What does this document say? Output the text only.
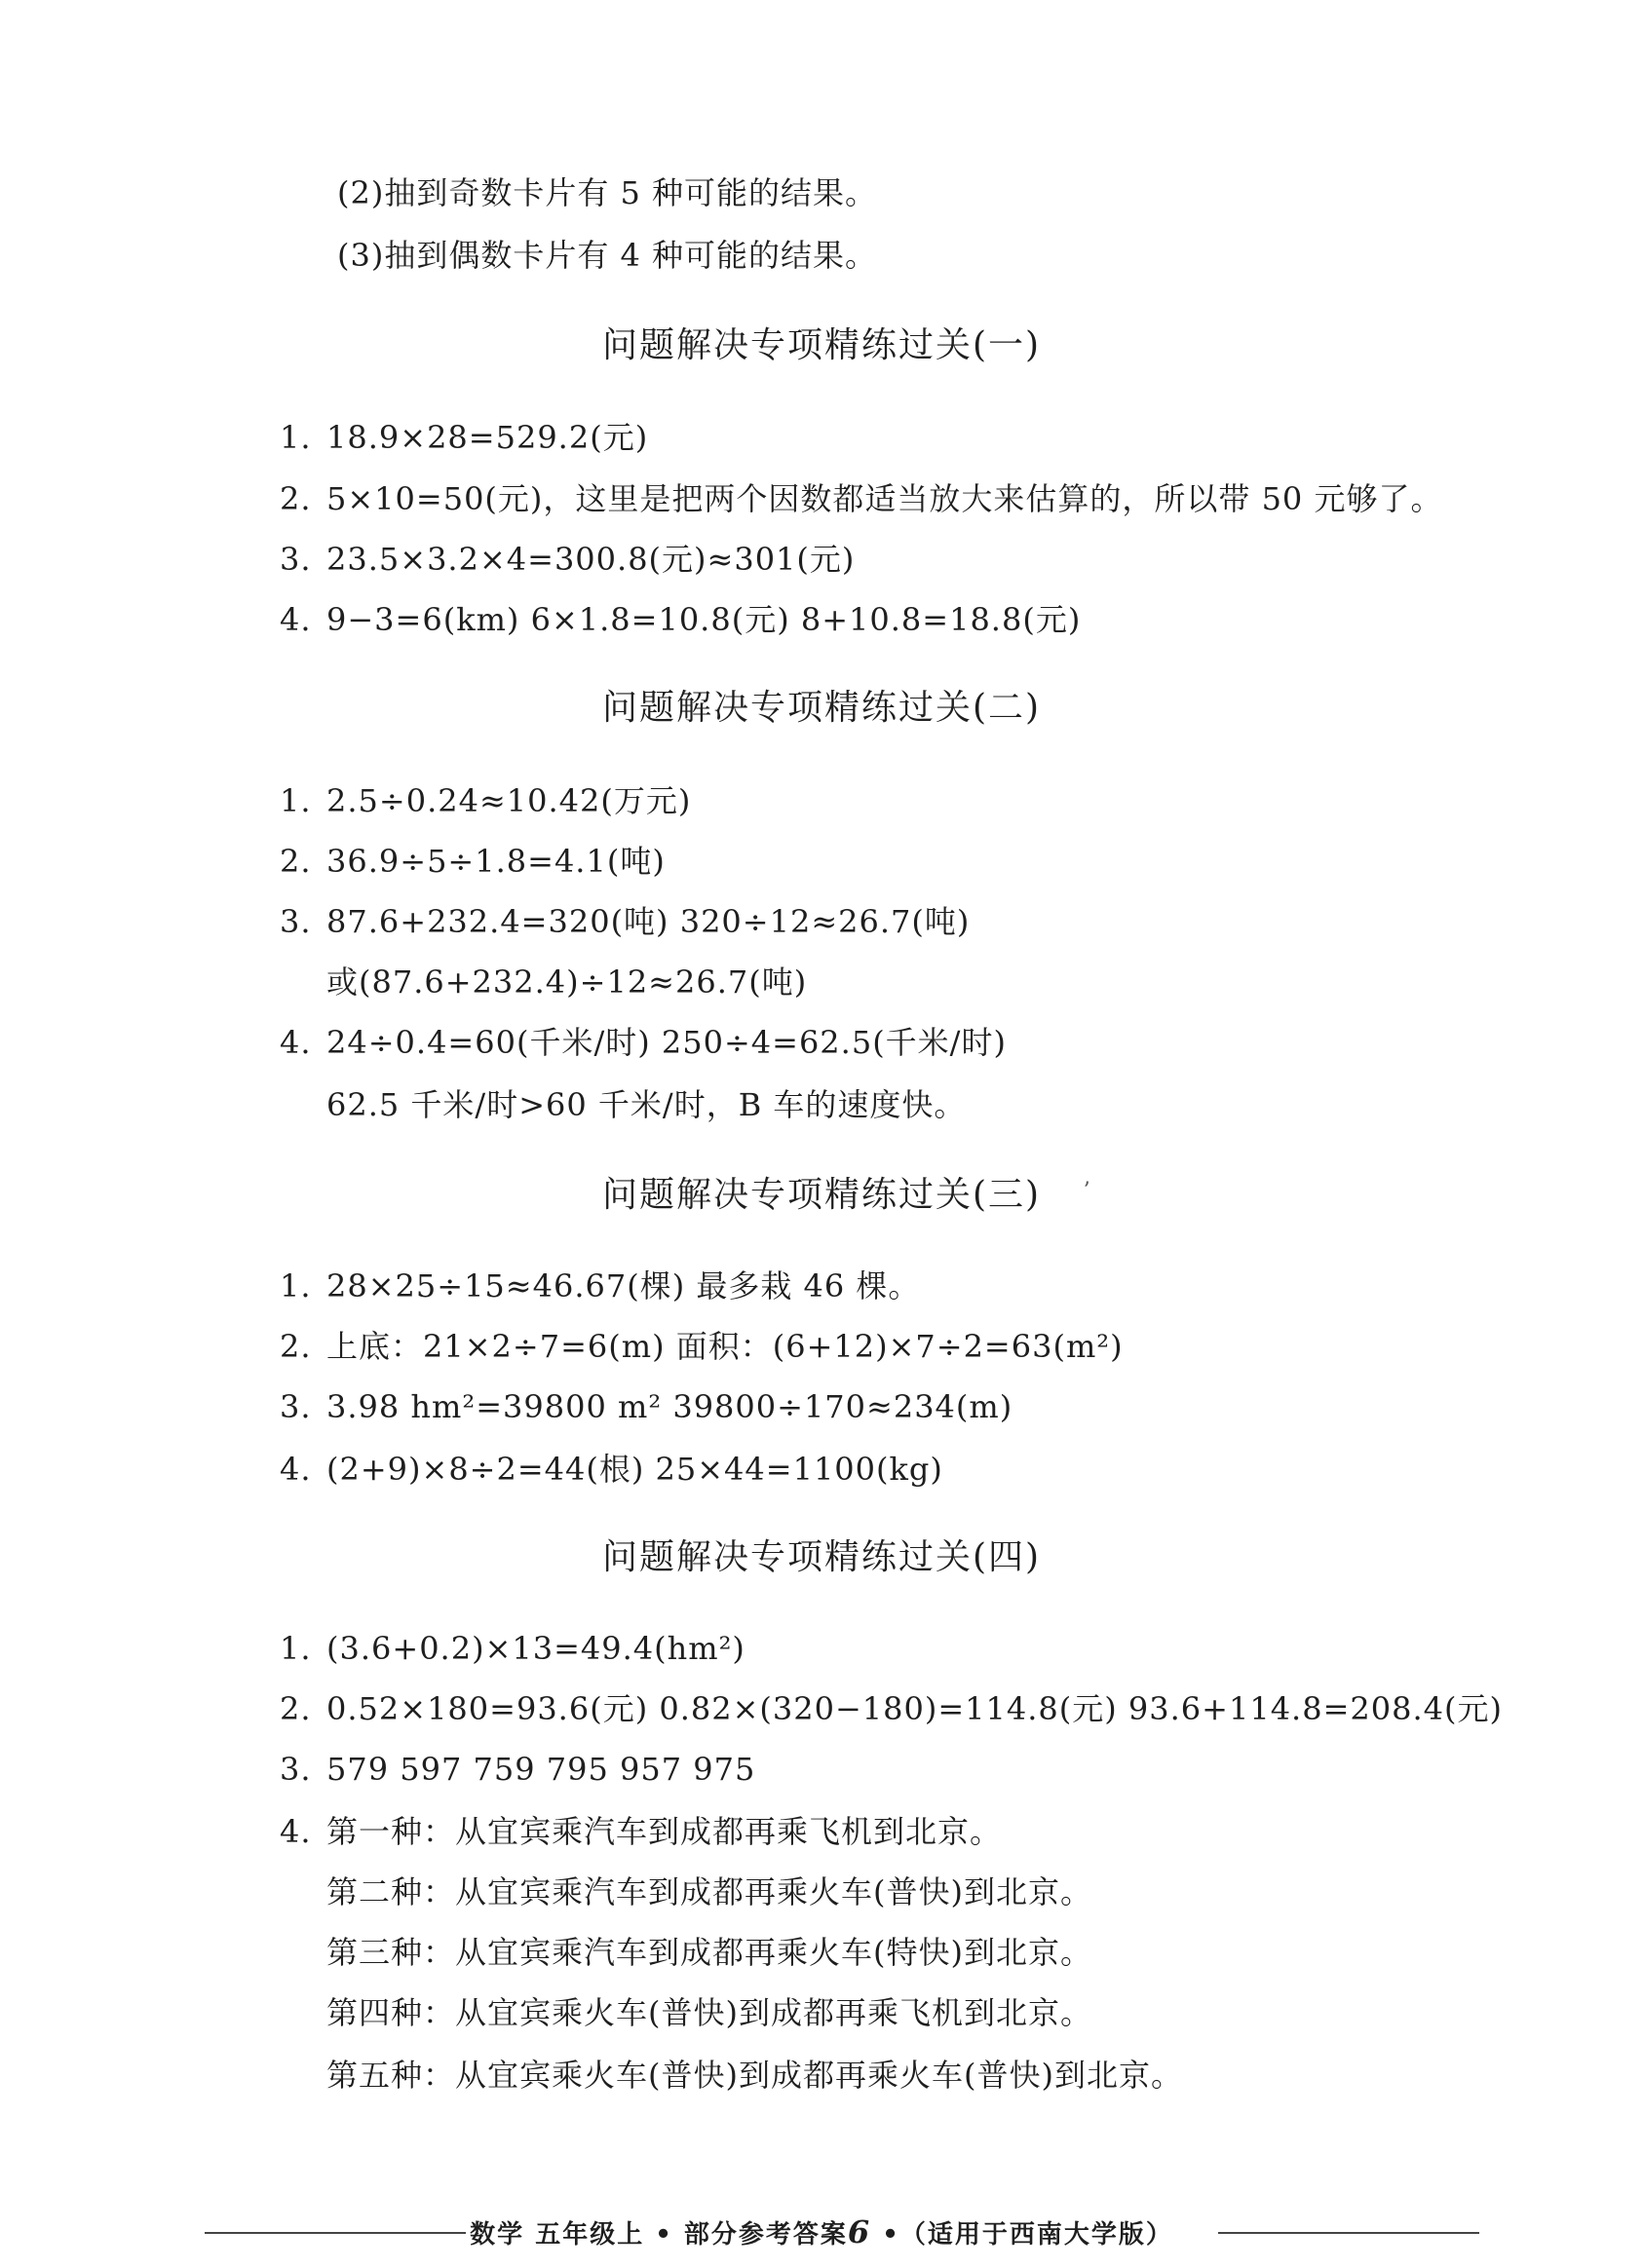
(2)抽到奇数卡片有 5 种可能的结果。
(3)抽到偶数卡片有 4 种可能的结果。
问题解决专项精练过关(一)
1. 18.9×28=529.2(元)
2. 5×10=50(元)，这里是把两个因数都适当放大来估算的，所以带 50 元够了。
3. 23.5×3.2×4=300.8(元)≈301(元)
4. 9−3=6(km) 6×1.8=10.8(元) 8+10.8=18.8(元)
问题解决专项精练过关(二)
1. 2.5÷0.24≈10.42(万元)
2. 36.9÷5÷1.8=4.1(吨)
3. 87.6+232.4=320(吨) 320÷12≈26.7(吨)
或(87.6+232.4)÷12≈26.7(吨)
4. 24÷0.4=60(千米/时) 250÷4=62.5(千米/时)
62.5 千米/时>60 千米/时，B 车的速度快。
问题解决专项精练过关(三)	ʼ
1. 28×25÷15≈46.67(棵) 最多栽 46 棵。
2. 上底：21×2÷7=6(m) 面积：(6+12)×7÷2=63(m²)
3. 3.98 hm²=39800 m² 39800÷170≈234(m)
4. (2+9)×8÷2=44(根) 25×44=1100(kg)
问题解决专项精练过关(四)
1. (3.6+0.2)×13=49.4(hm²)
2. 0.52×180=93.6(元) 0.82×(320−180)=114.8(元) 93.6+114.8=208.4(元)
3. 579 597 759 795 957 975
4. 第一种：从宜宾乘汽车到成都再乘飞机到北京。
第二种：从宜宾乘汽车到成都再乘火车(普快)到北京。
第三种：从宜宾乘汽车到成都再乘火车(特快)到北京。
第四种：从宜宾乘火车(普快)到成都再乘飞机到北京。
第五种：从宜宾乘火车(普快)到成都再乘火车(普快)到北京。
数学 五年级上 • 部分参考答案6 •（适用于西南大学版）
